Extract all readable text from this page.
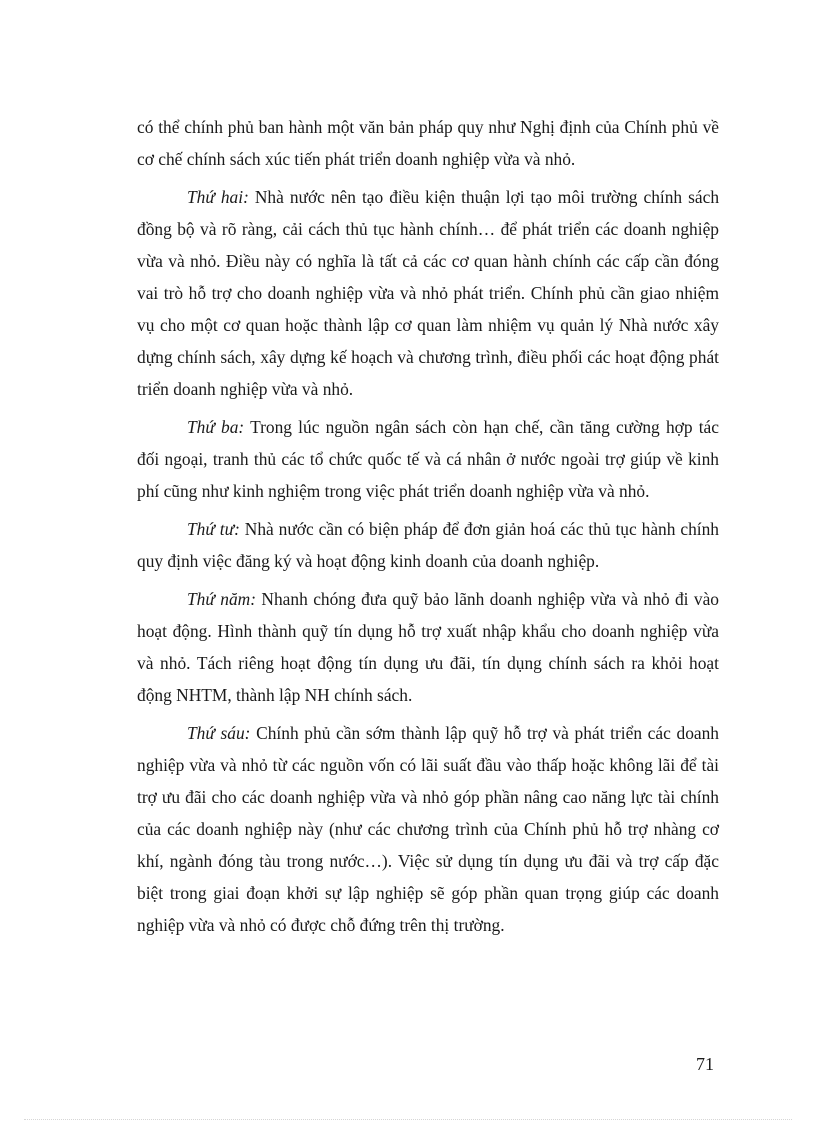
có thể chính phủ ban hành một văn bản pháp quy như Nghị định của Chính phủ về cơ chế chính sách xúc tiến phát triển doanh nghiệp vừa và nhỏ.

Thứ hai: Nhà nước nên tạo điều kiện thuận lợi tạo môi trường chính sách đồng bộ và rõ ràng, cải cách thủ tục hành chính… để phát triển các doanh nghiệp vừa và nhỏ. Điều này có nghĩa là tất cả các cơ quan hành chính các cấp cần đóng vai trò hỗ trợ cho doanh nghiệp vừa và nhỏ phát triển. Chính phủ cần giao nhiệm vụ cho một cơ quan hoặc thành lập cơ quan làm nhiệm vụ quản lý Nhà nước xây dựng chính sách, xây dựng kế hoạch và chương trình, điều phối các hoạt động phát triển doanh nghiệp vừa và nhỏ.

Thứ ba: Trong lúc nguồn ngân sách còn hạn chế, cần tăng cường hợp tác đối ngoại, tranh thủ các tổ chức quốc tế và cá nhân ở nước ngoài trợ giúp về kinh phí cũng như kinh nghiệm trong việc phát triển doanh nghiệp vừa và nhỏ.

Thứ tư: Nhà nước cần có biện pháp để đơn giản hoá các thủ tục hành chính quy định việc đăng ký và hoạt động kinh doanh của doanh nghiệp.

Thứ năm: Nhanh chóng đưa quỹ bảo lãnh doanh nghiệp vừa và nhỏ đi vào hoạt động. Hình thành quỹ tín dụng hỗ trợ xuất nhập khẩu cho doanh nghiệp vừa và nhỏ. Tách riêng hoạt động tín dụng ưu đãi, tín dụng chính sách ra khỏi hoạt động NHTM, thành lập NH chính sách.

Thứ sáu: Chính phủ cần sớm thành lập quỹ hỗ trợ và phát triển các doanh nghiệp vừa và nhỏ từ các nguồn vốn có lãi suất đầu vào thấp hoặc không lãi để tài trợ ưu đãi cho các doanh nghiệp vừa và nhỏ góp phần nâng cao năng lực tài chính của các doanh nghiệp này (như các chương trình của Chính phủ hỗ trợ nhàng cơ khí, ngành đóng tàu trong nước…). Việc sử dụng tín dụng ưu đãi và trợ cấp đặc biệt trong giai đoạn khởi sự lập nghiệp sẽ góp phần quan trọng giúp các doanh nghiệp vừa và nhỏ có được chỗ đứng trên thị trường.

71
